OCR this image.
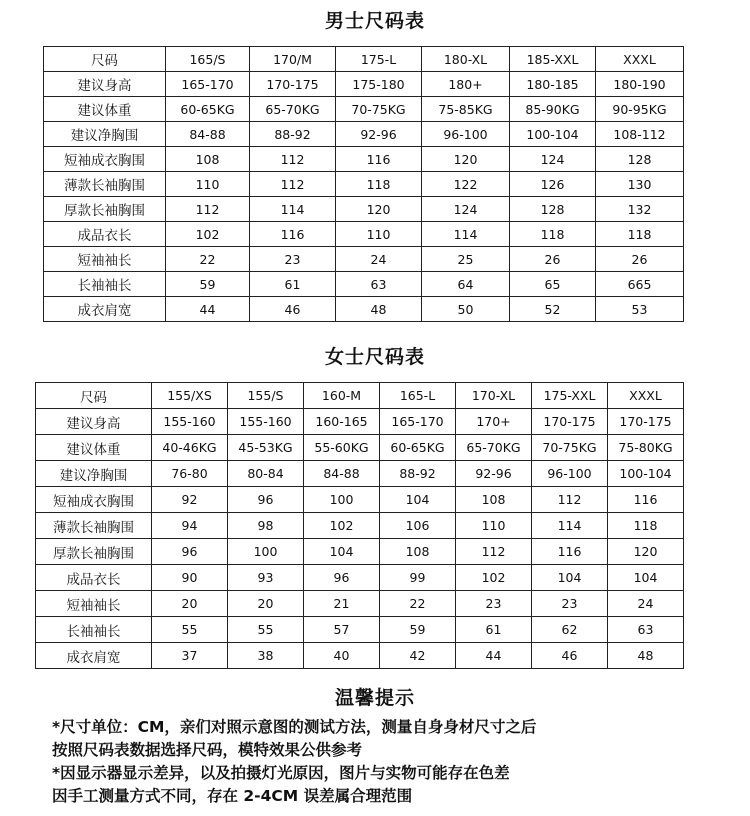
男士尺码表
尺码	165/S	170/M	175-L	180-XL	185-XXL	XXXL
建议身高	165-170	170-175	175-180	180+	180-185	180-190
建议体重	60-65KG	65-70KG	70-75KG	75-85KG	85-90KG	90-95KG
建议净胸围	84-88	88-92	92-96	96-100	100-104	108-112
短袖成衣胸围	108	112	116	120	124	128
薄款长袖胸围	110	112	118	122	126	130
厚款长袖胸围	112	114	120	124	128	132
成品衣长	102	116	110	114	118	118
短袖袖长	22	23	24	25	26	26
长袖袖长	59	61	63	64	65	665
成衣肩宽	44	46	48	50	52	53
女士尺码表
尺码	155/XS	155/S	160-M	165-L	170-XL	175-XXL	XXXL
建议身高	155-160	155-160	160-165	165-170	170+	170-175	170-175
建议体重	40-46KG	45-53KG	55-60KG	60-65KG	65-70KG	70-75KG	75-80KG
建议净胸围	76-80	80-84	84-88	88-92	92-96	96-100	100-104
短袖成衣胸围	92	96	100	104	108	112	116
薄款长袖胸围	94	98	102	106	110	114	118
厚款长袖胸围	96	100	104	108	112	116	120
成品衣长	90	93	96	99	102	104	104
短袖袖长	20	20	21	22	23	23	24
长袖袖长	55	55	57	59	61	62	63
成衣肩宽	37	38	40	42	44	46	48
温馨提示
*尺寸单位：CM，亲们对照示意图的测试方法，测量自身身材尺寸之后
按照尺码表数据选择尺码，模特效果公供参考
*因显示器显示差异，以及拍摄灯光原因，图片与实物可能存在色差
因手工测量方式不同，存在 2-4CM 误差属合理范围
